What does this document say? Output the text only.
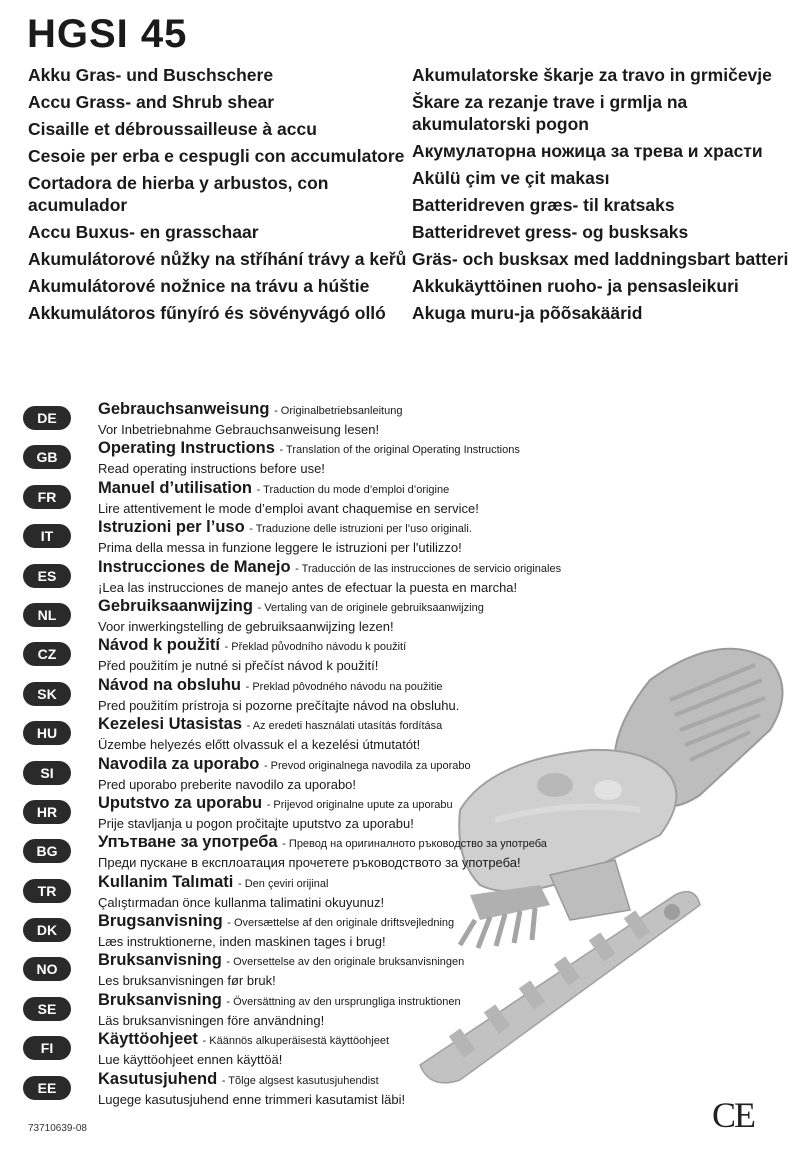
HGSI 45
Akku Gras- und Buschschere
Accu Grass- and Shrub shear
Cisaille et débroussailleuse à accu
Cesoie per erba e cespugli con accumulatore
Cortadora de hierba y arbustos, con acumulador
Accu Buxus- en grasschaar
Akumulátorové nůžky na stříhání trávy a keřů
Akumulátorové nožnice na trávu a húštie
Akkumulátoros fűnyíró és sövényvágó olló
Akumulatorske škarje za travo in grmičevje
Škare za rezanje trave i grmlja na akumulatorski pogon
Акумулаторна ножица за трева и храсти
Akülü çim ve çit makası
Batteridreven græs- til kratsaks
Batteridrevet gress- og busksaks
Gräs- och busksax med laddningsbart batteri
Akkukäyttöinen ruoho- ja pensasleikuri
Akuga muru-ja põõsakäärid
DE	Gebrauchsanweisung - Originalbetriebsanleitung
Vor Inbetriebnahme Gebrauchsanweisung lesen!
GB	Operating Instructions - Translation of the original Operating Instructions
Read operating instructions before use!
FR	Manuel d’utilisation - Traduction du mode d’emploi d’origine
Lire attentivement le mode d’emploi avant chaquemise en service!
IT	Istruzioni per l’uso - Traduzione delle istruzioni per l’uso originali.
Prima della messa in funzione leggere le istruzioni per l'utilizzo!
ES	Instrucciones de Manejo - Traducción de las instrucciones de servicio originales
¡Lea las instrucciones de manejo antes de efectuar la puesta en marcha!
NL	Gebruiksaanwijzing - Vertaling van de originele gebruiksaanwijzing
Voor inwerkingstelling de gebruiksaanwijzing lezen!
CZ	Návod k použití - Překlad původního návodu k použití
Před použitím je nutné si přečíst návod k použití!
SK	Návod na obsluhu - Preklad pôvodného návodu na použitie
Pred použitím prístroja si pozorne prečítajte návod na obsluhu.
HU	Kezelesi Utasistas - Az eredeti használati utasítás fordítása
Üzembe helyezés előtt olvassuk el a kezelési útmutatót!
SI	Navodila za uporabo - Prevod originalnega navodila za uporabo
Pred uporabo preberite navodilo za uporabo!
HR	Uputstvo za uporabu - Prijevod originalne upute za uporabu
Prije stavljanja u pogon pročitajte uputstvo za uporabu!
BG	Упътване за употреба - Превод на оригиналното ръководство за употреба
Преди пускане в експлоатация прочетете ръководството за употреба!
TR	Kullanim Talımati - Den çeviri orijinal
Çalıştırmadan önce kullanma talimatini okuyunuz!
DK	Brugsanvisning - Oversættelse af den originale driftsvejledning
Læs instruktionerne, inden maskinen tages i brug!
NO	Bruksanvisning - Oversettelse av den originale bruksanvisningen
Les bruksanvisningen før bruk!
SE	Bruksanvisning - Översättning av den ursprungliga instruktionen
Läs bruksanvisningen före användning!
FI	Käyttöohjeet - Käännös alkuperäisestä käyttöohjeet
Lue käyttöohjeet ennen käyttöä!
EE	Kasutusjuhend - Tõlge algsest kasutusjuhendist
Lugege kasutusjuhend enne trimmeri kasutamist läbi!	CE
73710639-08
